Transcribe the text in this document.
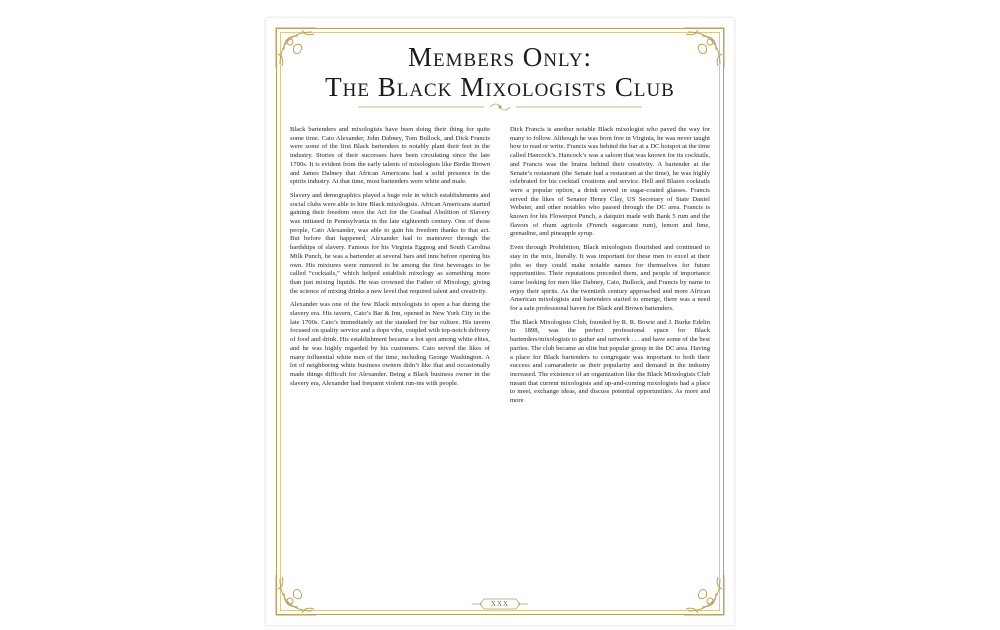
Members Only:
The Black Mixologists Club

Black bartenders and mixologists have been doing their thing for quite some time. Cato Alexander, John Dabney, Tom Bullock, and Dick Francis were some of the first Black bartenders to notably plant their feet in the industry. Stories of their successes have been circulating since the late 1700s. It is evident from the early talents of mixologists like Birdie Brown and James Dabney that African Americans had a solid presence in the spirits industry. At that time, most bartenders were white and male.

Slavery and demographics played a huge role in which establishments and social clubs were able to hire Black mixologists. African Americans started gaining their freedom once the Act for the Gradual Abolition of Slavery was initiated in Pennsylvania in the late eighteenth century. One of those people, Cato Alexander, was able to gain his freedom thanks to that act. But before that happened, Alexander had to maneuver through the hardships of slavery. Famous for his Virginia Eggnog and South Carolina Milk Punch, he was a bartender at several bars and inns before opening his own. His mixtures were rumored to be among the first beverages to be called “cocktails,” which helped establish mixology as something more than just mixing liquids. He was crowned the Father of Mixology, giving the science of mixing drinks a new level that required talent and creativity.

Alexander was one of the few Black mixologists to open a bar during the slavery era. His tavern, Cato’s Bar & Inn, opened in New York City in the late 1700s. Cato’s immediately set the standard for bar culture. His tavern focused on quality service and a dope vibe, coupled with top-notch delivery of food and drink. His establishment became a hot spot among white elites, and he was highly regarded by his customers. Cato served the likes of many influential white men of the time, including George Washington. A lot of neighboring white business owners didn’t like that and occasionally made things difficult for Alexander. Being a Black business owner in the slavery era, Alexander had frequent violent run-ins with people.

Dick Francis is another notable Black mixologist who paved the way for many to follow. Although he was born free in Virginia, he was never taught how to read or write. Francis was behind the bar at a DC hotspot at the time called Hancock’s. Hancock’s was a saloon that was known for its cocktails, and Francis was the brains behind their creativity. A bartender at the Senate’s restaurant (the Senate had a restaurant at the time), he was highly celebrated for his cocktail creations and service. Hell and Blazes cocktails were a popular option, a drink served in sugar-coated glasses. Francis served the likes of Senator Henry Clay, US Secretary of State Daniel Webster, and other notables who passed through the DC area. Francis is known for his Flowerpot Punch, a daiquiri made with Bank 5 rum and the flavors of rhum agricole (French sugarcane rum), lemon and lime, grenadine, and pineapple syrup.

Even through Prohibition, Black mixologists flourished and continued to stay in the mix, literally. It was important for these men to excel at their jobs so they could make notable names for themselves for future opportunities. Their reputations preceded them, and people of importance came looking for men like Dabney, Cato, Bullock, and Francis by name to enjoy their spirits. As the twentieth century approached and more African American mixologists and bartenders started to emerge, there was a need for a safe professional haven for Black and Brown bartenders.

The Black Mixologists Club, founded by R. R. Bowie and J. Burke Edelin in 1898, was the perfect professional space for Black bartenders/mixologists to gather and network . . . and have some of the best parties. The club became an elite but popular group in the DC area. Having a place for Black bartenders to congregate was important to both their success and camaraderie as their popularity and demand in the industry increased. The existence of an organization like the Black Mixologists Club meant that current mixologists and up-and-coming mixologists had a place to meet, exchange ideas, and discuss potential opportunities. As more and more

XXX
